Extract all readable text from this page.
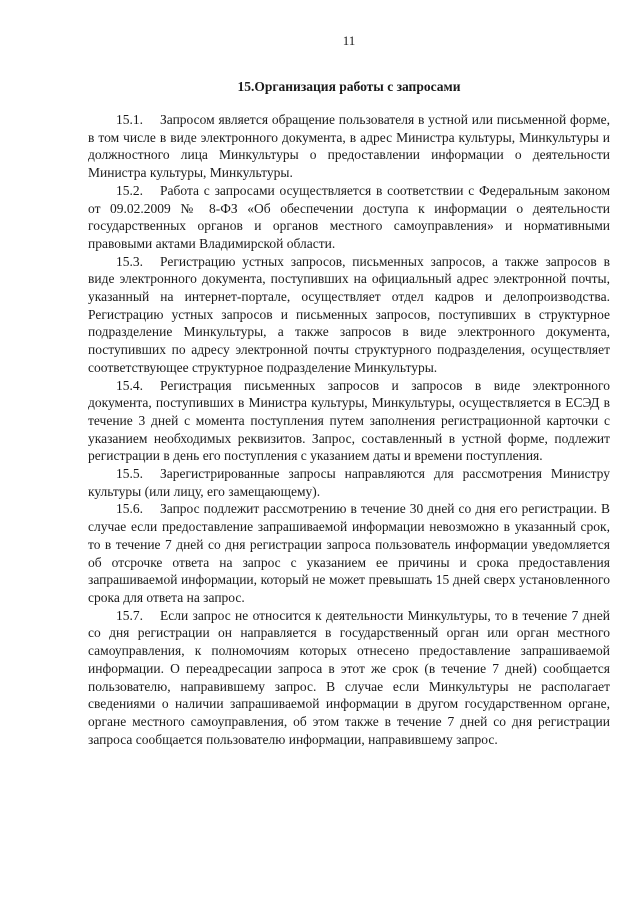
11
15.Организация работы с запросами

15.1. Запросом является обращение пользователя в устной или письменной форме, в том числе в виде электронного документа, в адрес Министра культуры, Минкультуры и должностного лица Минкультуры о предоставлении информации о деятельности Министра культуры, Минкультуры.

15.2. Работа с запросами осуществляется в соответствии с Федеральным законом от 09.02.2009 № 8-ФЗ «Об обеспечении доступа к информации о деятельности государственных органов и органов местного самоуправления» и нормативными правовыми актами Владимирской области.

15.3. Регистрацию устных запросов, письменных запросов, а также запросов в виде электронного документа, поступивших на официальный адрес электронной почты, указанный на интернет-портале, осуществляет отдел кадров и делопроизводства. Регистрацию устных запросов и письменных запросов, поступивших в структурное подразделение Минкультуры, а также запросов в виде электронного документа, поступивших по адресу электронной почты структурного подразделения, осуществляет соответствующее структурное подразделение Минкультуры.

15.4. Регистрация письменных запросов и запросов в виде электронного документа, поступивших в Министра культуры, Минкультуры, осуществляется в ЕСЭД в течение 3 дней с момента поступления путем заполнения регистрационной карточки с указанием необходимых реквизитов. Запрос, составленный в устной форме, подлежит регистрации в день его поступления с указанием даты и времени поступления.

15.5. Зарегистрированные запросы направляются для рассмотрения Министру культуры (или лицу, его замещающему).

15.6. Запрос подлежит рассмотрению в течение 30 дней со дня его регистрации. В случае если предоставление запрашиваемой информации невозможно в указанный срок, то в течение 7 дней со дня регистрации запроса пользователь информации уведомляется об отсрочке ответа на запрос с указанием ее причины и срока предоставления запрашиваемой информации, который не может превышать 15 дней сверх установленного срока для ответа на запрос.

15.7. Если запрос не относится к деятельности Минкультуры, то в течение 7 дней со дня регистрации он направляется в государственный орган или орган местного самоуправления, к полномочиям которых отнесено предоставление запрашиваемой информации. О переадресации запроса в этот же срок (в течение 7 дней) сообщается пользователю, направившему запрос. В случае если Минкультуры не располагает сведениями о наличии запрашиваемой информации в другом государственном органе, органе местного самоуправления, об этом также в течение 7 дней со дня регистрации запроса сообщается пользователю информации, направившему запрос.
